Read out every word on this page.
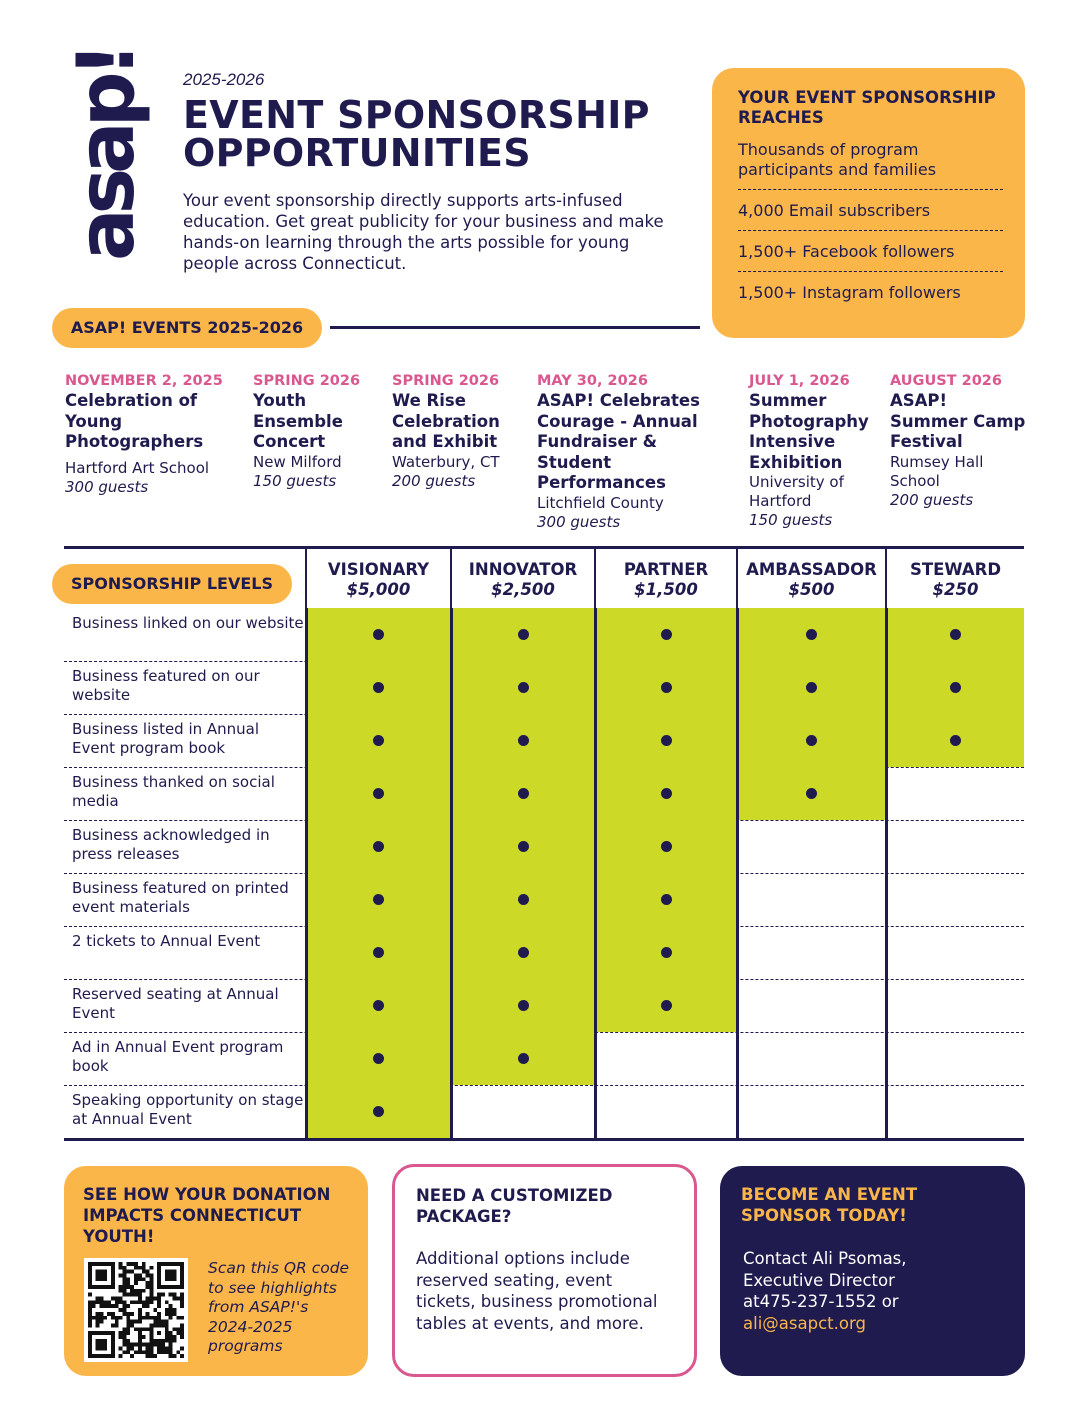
asap! 2025-2026
EVENT SPONSORSHIP
OPPORTUNITIES
Your event sponsorship directly supports arts-infused education. Get great publicity for your business and make hands-on learning through the arts possible for young people across Connecticut.
YOUR EVENT SPONSORSHIP REACHES
Thousands of program participants and families
4,000 Email subscribers
1,500+ Facebook followers
1,500+ Instagram followers
ASAP! EVENTS 2025-2026
NOVEMBER 2, 2025
Celebration of Young Photographers
Hartford Art School
300 guests
SPRING 2026
Youth Ensemble Concert
New Milford
150 guests
SPRING 2026
We Rise Celebration and Exhibit
Waterbury, CT
200 guests
MAY 30, 2026
ASAP! Celebrates Courage - Annual Fundraiser & Student Performances
Litchfield County
300 guests
JULY 1, 2026
Summer Photography Intensive Exhibition
University of Hartford
150 guests
AUGUST 2026
ASAP! Summer Camp Festival
Rumsey Hall School
200 guests
SPONSORSHIP LEVELS
VISIONARY
$5,000
INNOVATOR
$2,500
PARTNER
$1,500
AMBASSADOR
$500
STEWARD
$250
Business linked on our website
Business featured on our website
Business listed in Annual Event program book
Business thanked on social media
Business acknowledged in press releases
Business featured on printed event materials
2 tickets to Annual Event
Reserved seating at Annual Event
Ad in Annual Event program book
Speaking opportunity on stage at Annual Event
SEE HOW YOUR DONATION IMPACTS CONNECTICUT YOUTH!
Scan this QR code to see highlights from ASAP!'s 2024-2025 programs
NEED A CUSTOMIZED PACKAGE?

Additional options include reserved seating, event tickets, business promotional tables at events, and more.

BECOME AN EVENT SPONSOR TODAY!

Contact Ali Psomas,
Executive Director
at475-237-1552 or
ali@asapct.org
